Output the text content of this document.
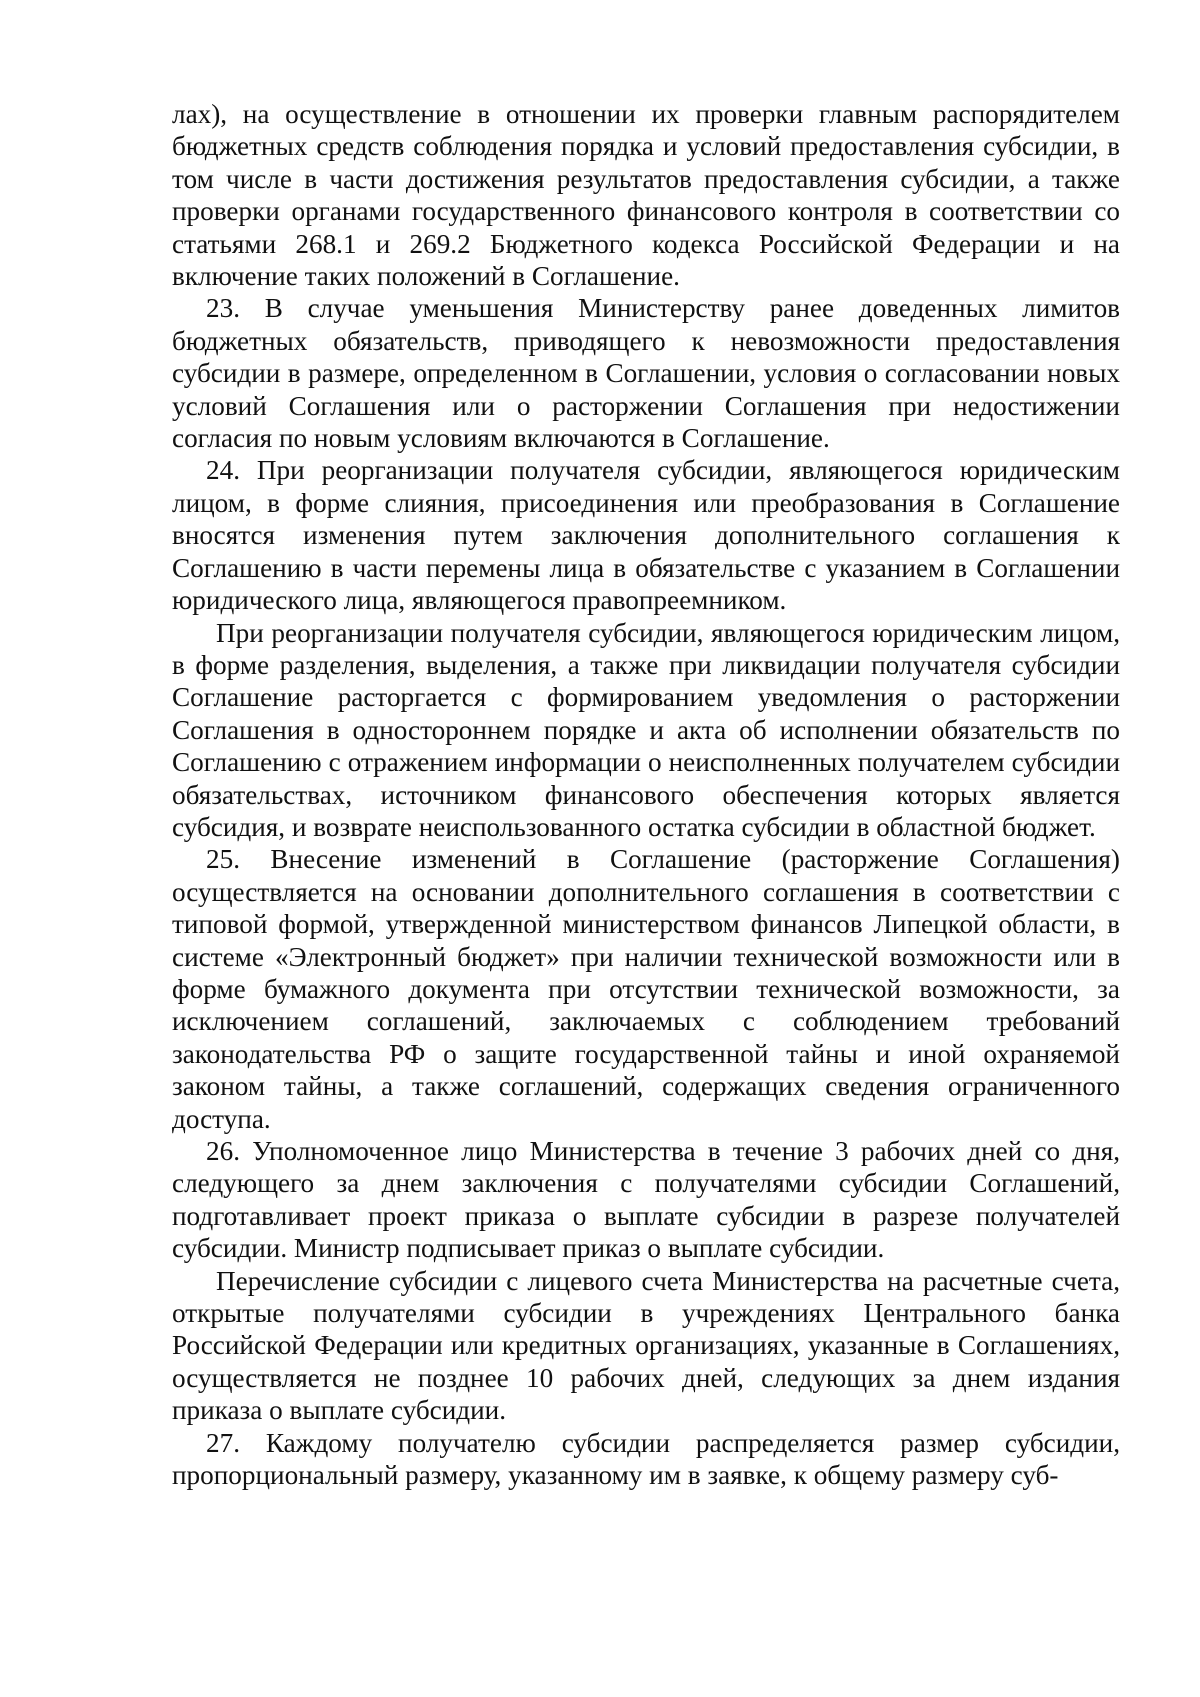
лах), на осуществление в отношении их проверки главным распорядителем бюджетных средств соблюдения порядка и условий предоставления субсидии, в том числе в части достижения результатов предоставления субсидии, а также проверки органами государственного финансового контроля в соответствии со статьями 268.1 и 269.2 Бюджетного кодекса Российской Федерации и на включение таких положений в Соглашение.

23. В случае уменьшения Министерству ранее доведенных лимитов бюджетных обязательств, приводящего к невозможности предоставления субсидии в размере, определенном в Соглашении, условия о согласовании новых условий Соглашения или о расторжении Соглашения при недостижении согласия по новым условиям включаются в Соглашение.

24. При реорганизации получателя субсидии, являющегося юридическим лицом, в форме слияния, присоединения или преобразования в Соглашение вносятся изменения путем заключения дополнительного соглашения к Соглашению в части перемены лица в обязательстве с указанием в Соглашении юридического лица, являющегося правопреемником.

При реорганизации получателя субсидии, являющегося юридическим лицом, в форме разделения, выделения, а также при ликвидации получателя субсидии Соглашение расторгается с формированием уведомления о расторжении Соглашения в одностороннем порядке и акта об исполнении обязательств по Соглашению с отражением информации о неисполненных получателем субсидии обязательствах, источником финансового обеспечения которых является субсидия, и возврате неиспользованного остатка субсидии в областной бюджет.

25. Внесение изменений в Соглашение (расторжение Соглашения) осуществляется на основании дополнительного соглашения в соответствии с типовой формой, утвержденной министерством финансов Липецкой области, в системе «Электронный бюджет» при наличии технической возможности или в форме бумажного документа при отсутствии технической возможности, за исключением соглашений, заключаемых с соблюдением требований законодательства РФ о защите государственной тайны и иной охраняемой законом тайны, а также соглашений, содержащих сведения ограниченного доступа.

26. Уполномоченное лицо Министерства в течение 3 рабочих дней со дня, следующего за днем заключения с получателями субсидии Соглашений, подготавливает проект приказа о выплате субсидии в разрезе получателей субсидии. Министр подписывает приказ о выплате субсидии.

Перечисление субсидии с лицевого счета Министерства на расчетные счета, открытые получателями субсидии в учреждениях Центрального банка Российской Федерации или кредитных организациях, указанные в Соглашениях, осуществляется не позднее 10 рабочих дней, следующих за днем издания приказа о выплате субсидии.

27. Каждому получателю субсидии распределяется размер субсидии, пропорциональный размеру, указанному им в заявке, к общему размеру суб-
